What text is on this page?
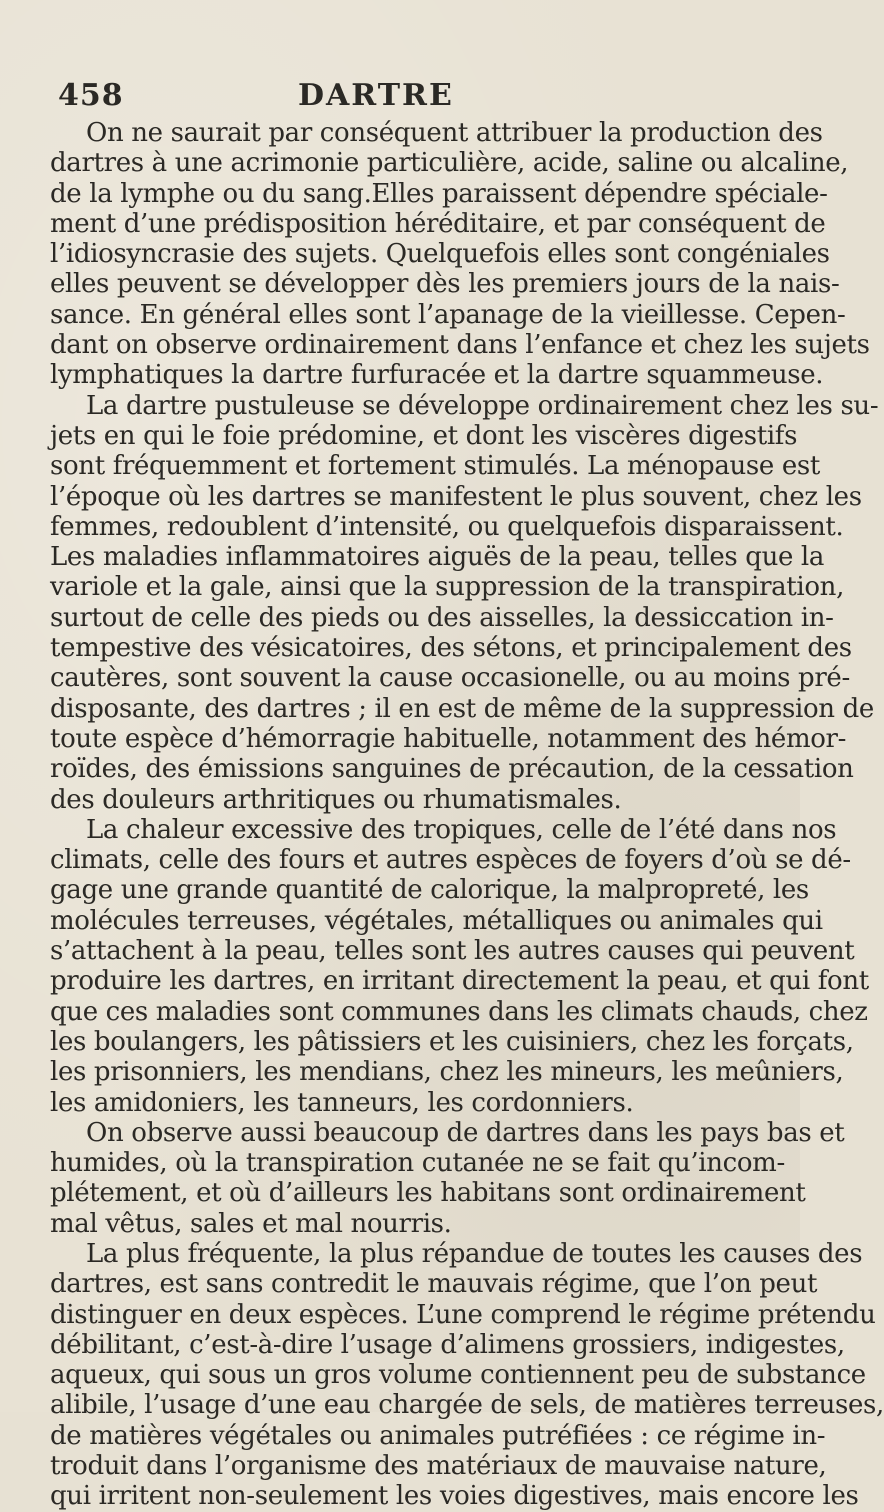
458	DARTRE
On ne saurait par conséquent attribuer la production des
dartres à une acrimonie particulière, acide, saline ou alcaline,
de la lymphe ou du sang.Elles paraissent dépendre spéciale-
ment d’une prédisposition héréditaire, et par conséquent de
l’idiosyncrasie des sujets. Quelquefois elles sont congéniales
elles peuvent se développer dès les premiers jours de la nais-
sance. En général elles sont l’apanage de la vieillesse. Cepen-
dant on observe ordinairement dans l’enfance et chez les sujets
lymphatiques la dartre furfuracée et la dartre squammeuse.
La dartre pustuleuse se développe ordinairement chez les su-
jets en qui le foie prédomine, et dont les viscères digestifs
sont fréquemment et fortement stimulés. La ménopause est
l’époque où les dartres se manifestent le plus souvent, chez les
femmes, redoublent d’intensité, ou quelquefois disparaissent.
Les maladies inflammatoires aiguës de la peau, telles que la
variole et la gale, ainsi que la suppression de la transpiration,
surtout de celle des pieds ou des aisselles, la dessiccation in-
tempestive des vésicatoires, des sétons, et principalement des
cautères, sont souvent la cause occasionelle, ou au moins pré-
disposante, des dartres ; il en est de même de la suppression de
toute espèce d’hémorragie habituelle, notamment des hémor-
roïdes, des émissions sanguines de précaution, de la cessation
des douleurs arthritiques ou rhumatismales.
La chaleur excessive des tropiques, celle de l’été dans nos
climats, celle des fours et autres espèces de foyers d’où se dé-
gage une grande quantité de calorique, la malpropreté, les
molécules terreuses, végétales, métalliques ou animales qui
s’attachent à la peau, telles sont les autres causes qui peuvent
produire les dartres, en irritant directement la peau, et qui font
que ces maladies sont communes dans les climats chauds, chez
les boulangers, les pâtissiers et les cuisiniers, chez les forçats,
les prisonniers, les mendians, chez les mineurs, les meûniers,
les amidoniers, les tanneurs, les cordonniers.
On observe aussi beaucoup de dartres dans les pays bas et
humides, où la transpiration cutanée ne se fait qu’incom-
plétement, et où d’ailleurs les habitans sont ordinairement
mal vêtus, sales et mal nourris.
La plus fréquente, la plus répandue de toutes les causes des
dartres, est sans contredit le mauvais régime, que l’on peut
distinguer en deux espèces. L’une comprend le régime prétendu
débilitant, c’est-à-dire l’usage d’alimens grossiers, indigestes,
aqueux, qui sous un gros volume contiennent peu de substance
alibile, l’usage d’une eau chargée de sels, de matières terreuses,
de matières végétales ou animales putréfiées : ce régime in-
troduit dans l’organisme des matériaux de mauvaise nature,
qui irritent non-seulement les voies digestives, mais encore les
